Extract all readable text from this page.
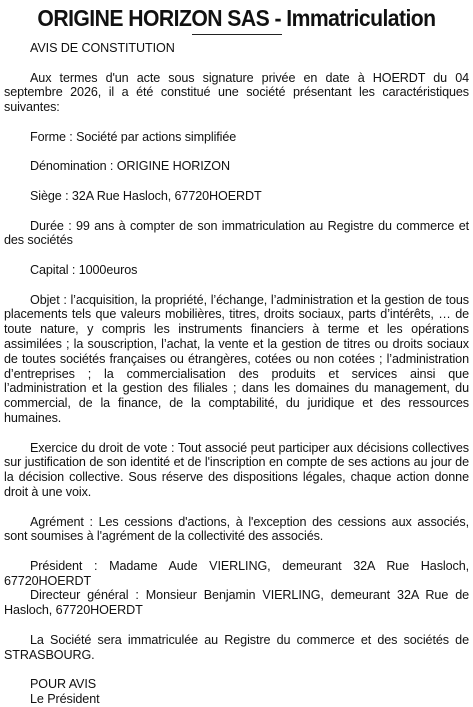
ORIGINE HORIZON SAS - Immatriculation

AVIS DE CONSTITUTION

Aux termes d'un acte sous signature privée en date à HOERDT du 04 septembre 2026, il a été constitué une société présentant les caractéristiques suivantes:

Forme : Société par actions simplifiée

Dénomination : ORIGINE HORIZON

Siège : 32A Rue Hasloch, 67720HOERDT

Durée : 99 ans à compter de son immatriculation au Registre du commerce et des sociétés

Capital : 1000euros

Objet : l’acquisition, la propriété, l’échange, l’administration et la gestion de tous placements tels que valeurs mobilières, titres, droits sociaux, parts d’intérêts, … de toute nature, y compris les instruments financiers à terme et les opérations assimilées ; la souscription, l’achat, la vente et la gestion de titres ou droits sociaux de toutes sociétés françaises ou étrangères, cotées ou non cotées ; l’administration d’entreprises ; la commercialisation des produits et services ainsi que l’administration et la gestion des filiales ; dans les domaines du management, du commercial, de la finance, de la comptabilité, du juridique et des ressources humaines.

Exercice du droit de vote : Tout associé peut participer aux décisions collectives sur justification de son identité et de l'inscription en compte de ses actions au jour de la décision collective. Sous réserve des dispositions légales, chaque action donne droit à une voix.

Agrément : Les cessions d'actions, à l'exception des cessions aux associés, sont soumises à l'agrément de la collectivité des associés.

Président : Madame Aude VIERLING, demeurant 32A Rue Hasloch, 67720HOERDT

Directeur général : Monsieur Benjamin VIERLING, demeurant 32A Rue de Hasloch, 67720HOERDT

La Société sera immatriculée au Registre du commerce et des sociétés de STRASBOURG.

POUR AVIS

Le Président
